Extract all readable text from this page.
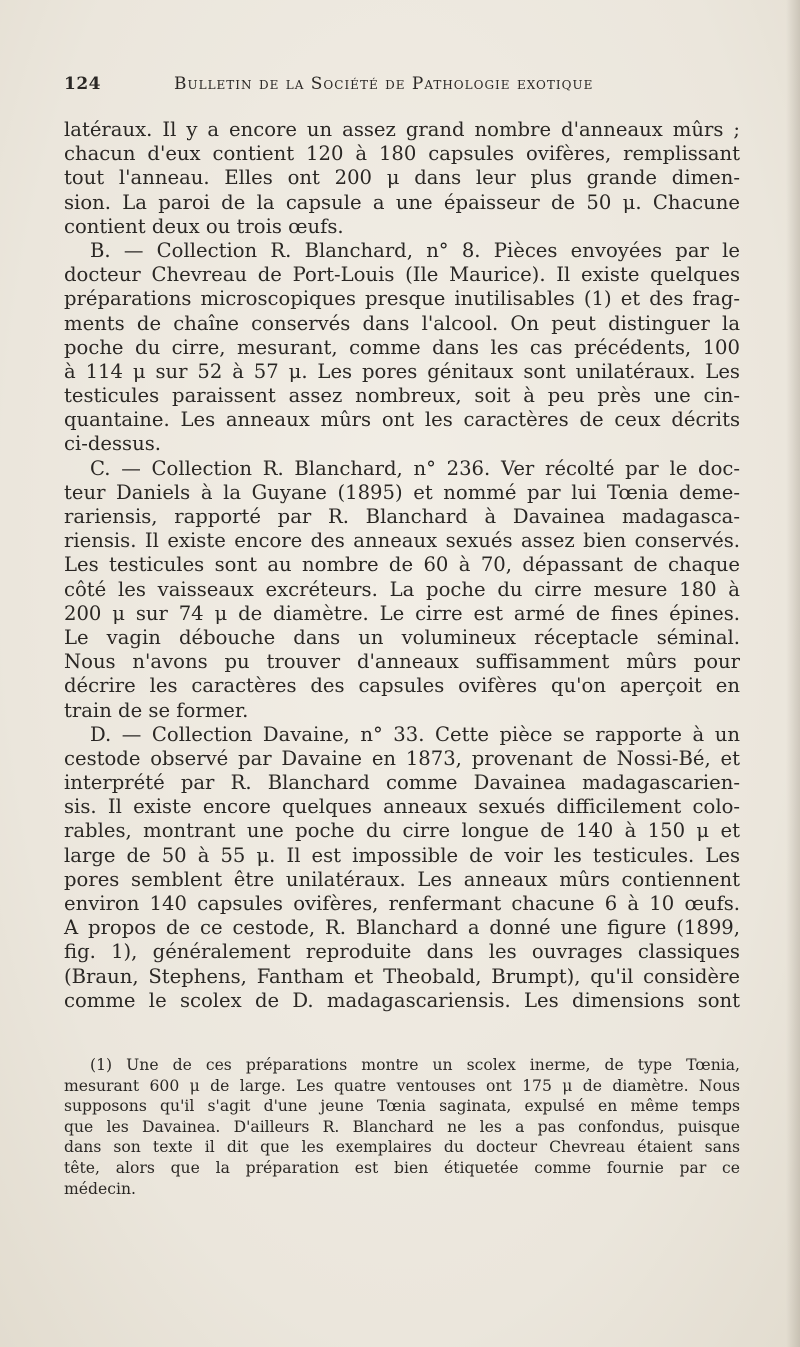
124	Bulletin de la Société de Pathologie exotique
latéraux. Il y a encore un assez grand nombre d'anneaux mûrs ;
chacun d'eux contient 120 à 180 capsules ovifères, remplissant
tout l'anneau. Elles ont 200 μ dans leur plus grande dimen-
sion. La paroi de la capsule a une épaisseur de 50 μ. Chacune
contient deux ou trois œufs.
B. — Collection R. Blanchard, n° 8. Pièces envoyées par le
docteur Chevreau de Port-Louis (Ile Maurice). Il existe quelques
préparations microscopiques presque inutilisables (1) et des frag-
ments de chaîne conservés dans l'alcool. On peut distinguer la
poche du cirre, mesurant, comme dans les cas précédents, 100
à 114 μ sur 52 à 57 μ. Les pores génitaux sont unilatéraux. Les
testicules paraissent assez nombreux, soit à peu près une cin-
quantaine. Les anneaux mûrs ont les caractères de ceux décrits
ci-dessus.
C. — Collection R. Blanchard, n° 236. Ver récolté par le doc-
teur Daniels à la Guyane (1895) et nommé par lui Tœnia deme-
rariensis, rapporté par R. Blanchard à Davainea madagasca-
riensis. Il existe encore des anneaux sexués assez bien conservés.
Les testicules sont au nombre de 60 à 70, dépassant de chaque
côté les vaisseaux excréteurs. La poche du cirre mesure 180 à
200 μ sur 74 μ de diamètre. Le cirre est armé de fines épines.
Le vagin débouche dans un volumineux réceptacle séminal.
Nous n'avons pu trouver d'anneaux suffisamment mûrs pour
décrire les caractères des capsules ovifères qu'on aperçoit en
train de se former.
D. — Collection Davaine, n° 33. Cette pièce se rapporte à un
cestode observé par Davaine en 1873, provenant de Nossi-Bé, et
interprété par R. Blanchard comme Davainea madagascarien-
sis. Il existe encore quelques anneaux sexués difficilement colo-
rables, montrant une poche du cirre longue de 140 à 150 μ et
large de 50 à 55 μ. Il est impossible de voir les testicules. Les
pores semblent être unilatéraux. Les anneaux mûrs contiennent
environ 140 capsules ovifères, renfermant chacune 6 à 10 œufs.
A propos de ce cestode, R. Blanchard a donné une figure (1899,
fig. 1), généralement reproduite dans les ouvrages classiques
(Braun, Stephens, Fantham et Theobald, Brumpt), qu'il considère
comme le scolex de D. madagascariensis. Les dimensions sont
(1) Une de ces préparations montre un scolex inerme, de type Tœnia,
mesurant 600 μ de large. Les quatre ventouses ont 175 μ de diamètre. Nous
supposons qu'il s'agit d'une jeune Tœnia saginata, expulsé en même temps
que les Davainea. D'ailleurs R. Blanchard ne les a pas confondus, puisque
dans son texte il dit que les exemplaires du docteur Chevreau étaient sans
tête, alors que la préparation est bien étiquetée comme fournie par ce
médecin.
